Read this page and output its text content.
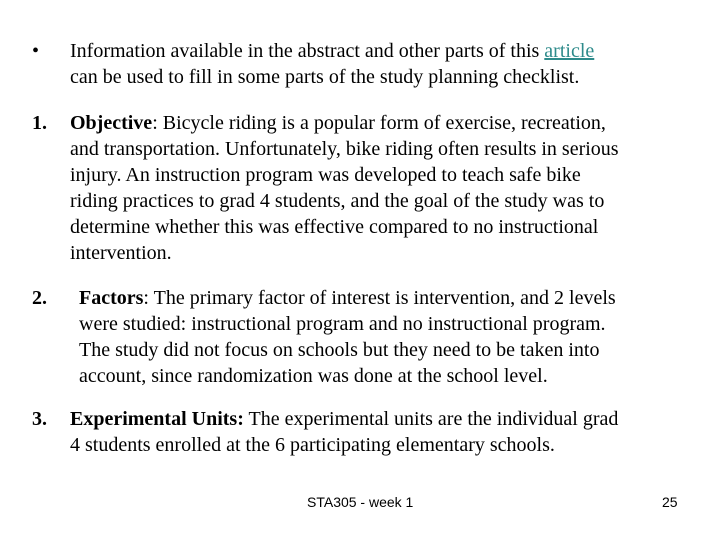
• Information available in the abstract and other parts of this article
can be used to fill in some parts of the study planning checklist.
1. Objective: Bicycle riding is a popular form of exercise, recreation,
and transportation. Unfortunately, bike riding often results in serious
injury. An instruction program was developed to teach safe bike
riding practices to grad 4 students, and the goal of the study was to
determine whether this was effective compared to no instructional
intervention.
2. Factors: The primary factor of interest is intervention, and 2 levels
were studied: instructional program and no instructional program.
The study did not focus on schools but they need to be taken into
account, since randomization was done at the school level.
3. Experimental Units: The experimental units are the individual grad
4 students enrolled at the 6 participating elementary schools.
STA305 - week 1	25
